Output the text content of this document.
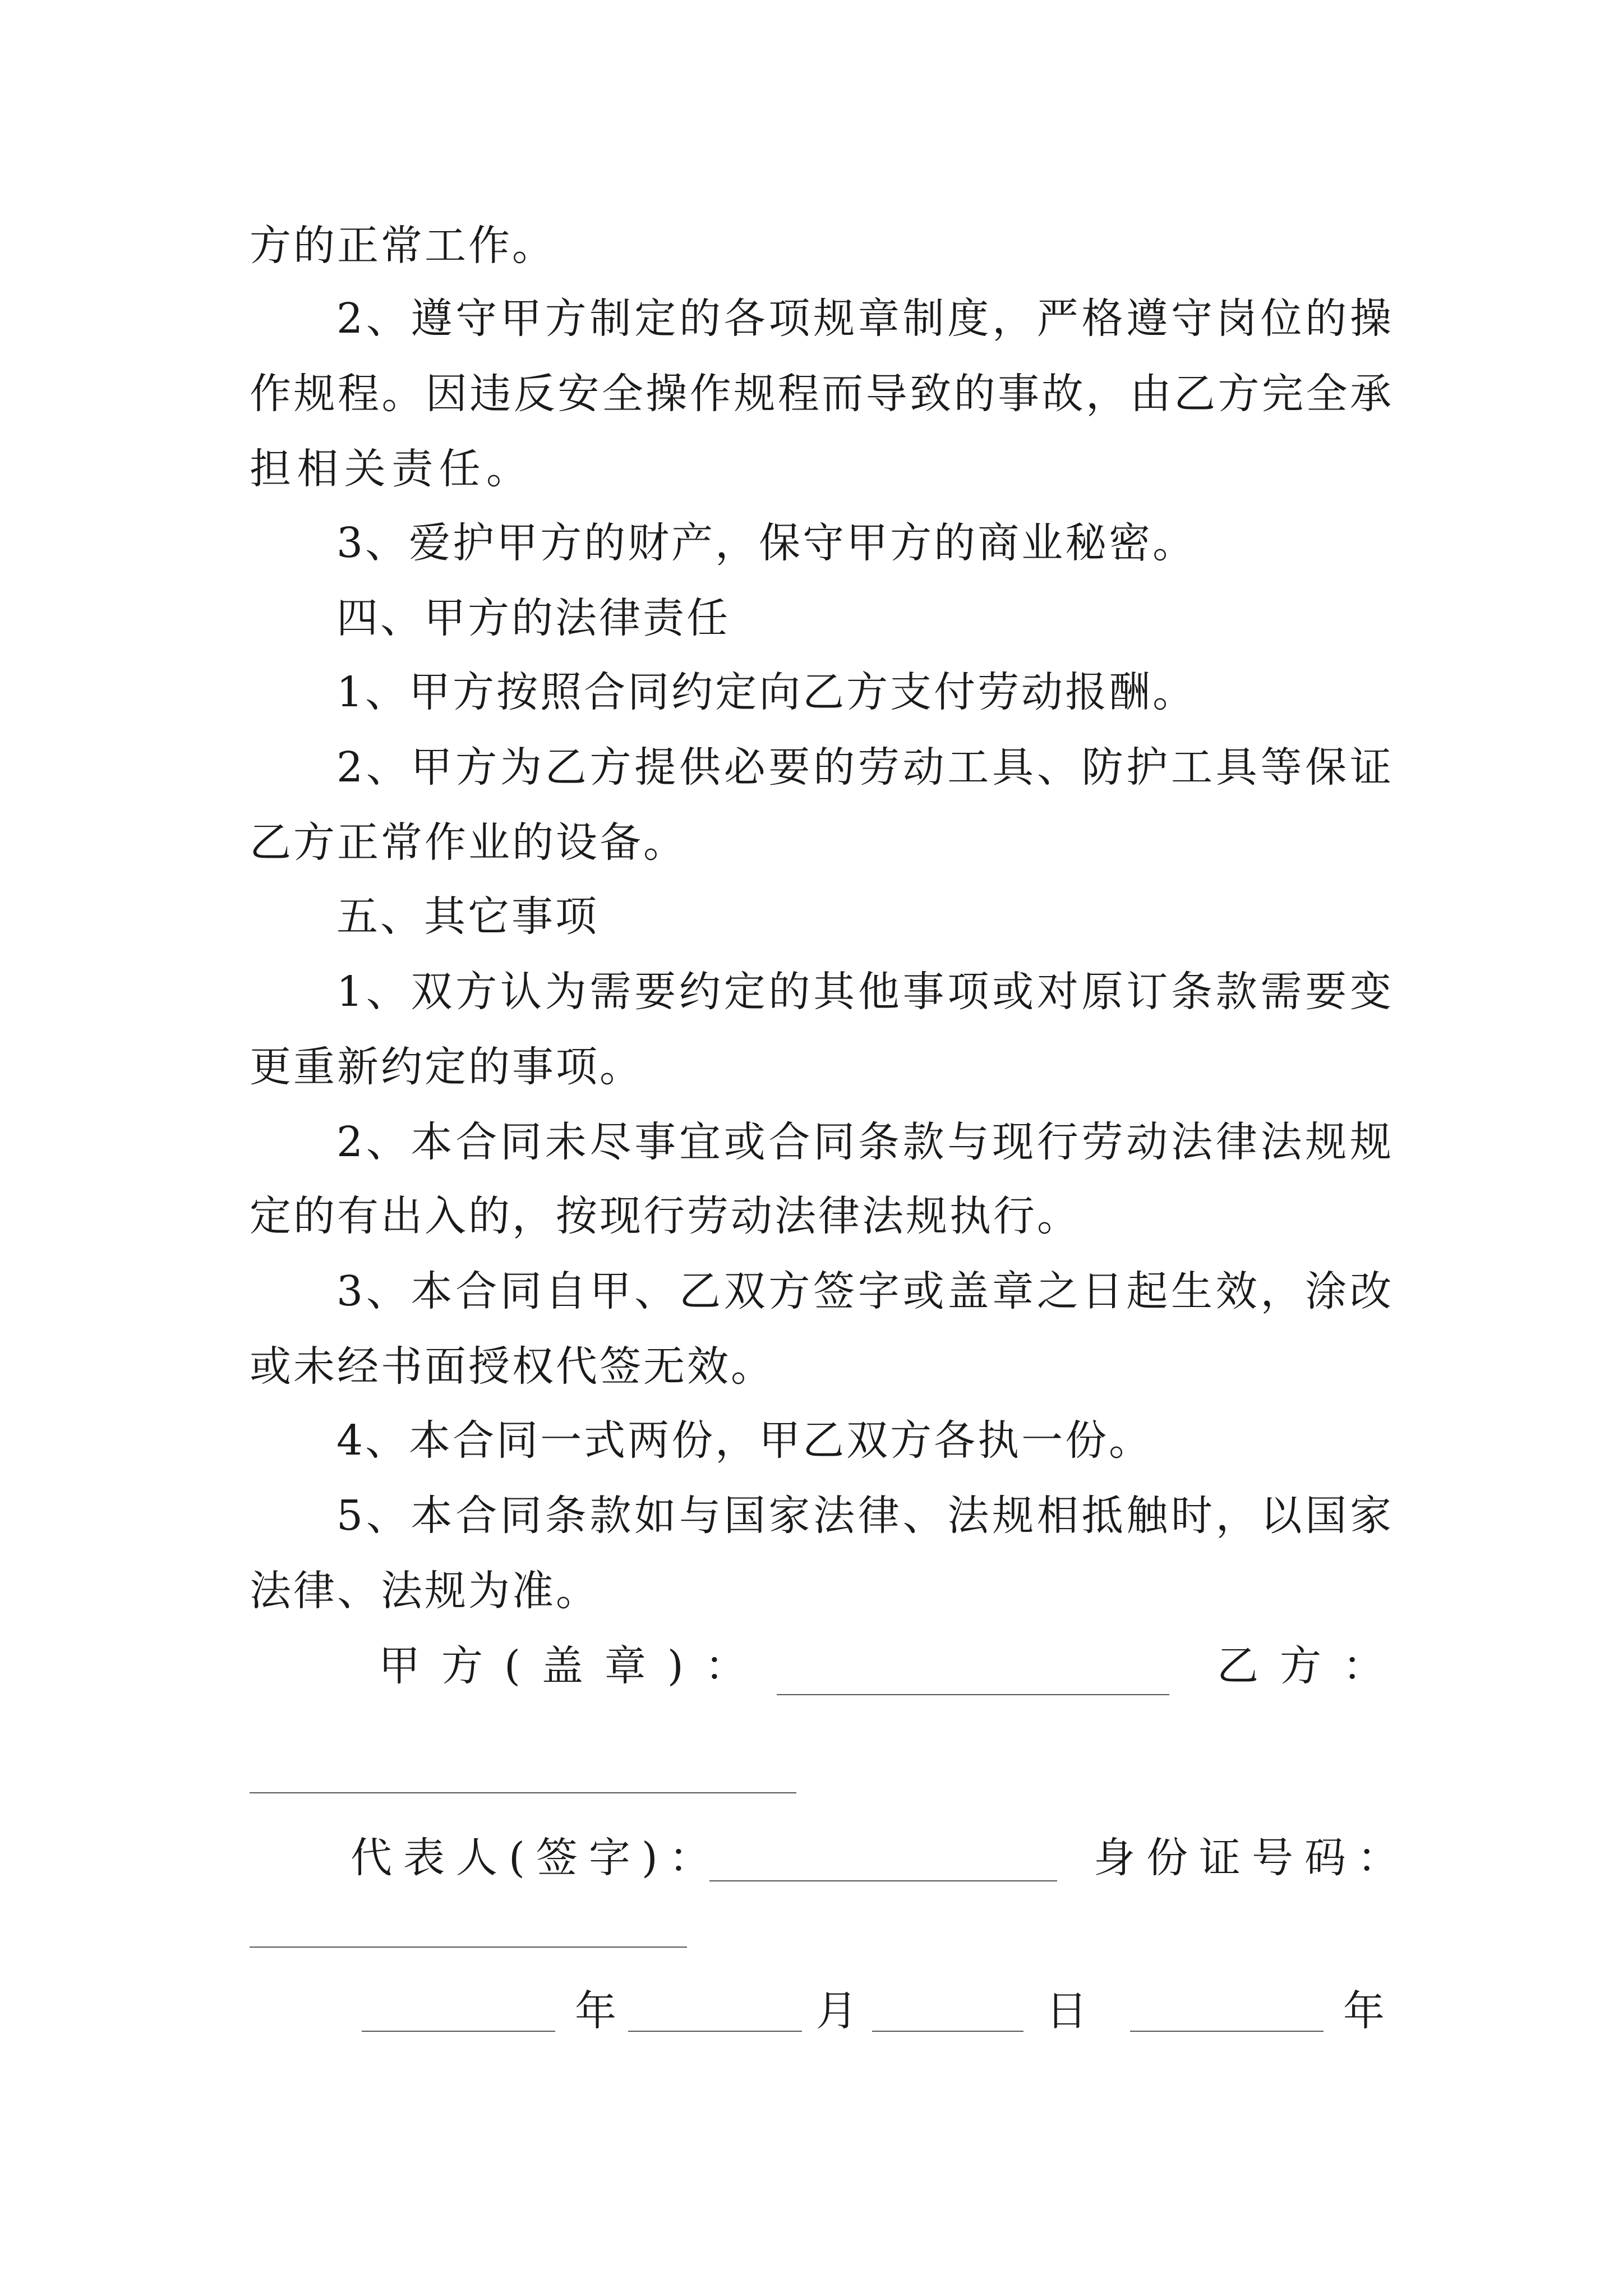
方的正常工作。
2、遵守甲方制定的各项规章制度，严格遵守岗位的操
作规程。因违反安全操作规程而导致的事故，由乙方完全承
担相关责任。
3、爱护甲方的财产，保守甲方的商业秘密。
四、甲方的法律责任
1、甲方按照合同约定向乙方支付劳动报酬。
2、甲方为乙方提供必要的劳动工具、防护工具等保证
乙方正常作业的设备。
五、其它事项
1、双方认为需要约定的其他事项或对原订条款需要变
更重新约定的事项。
2、本合同未尽事宜或合同条款与现行劳动法律法规规
定的有出入的，按现行劳动法律法规执行。
3、本合同自甲、乙双方签字或盖章之日起生效，涂改
或未经书面授权代签无效。
4、本合同一式两份，甲乙双方各执一份。
5、本合同条款如与国家法律、法规相抵触时，以国家
法律、法规为准。
甲方(盖章)：	乙方：
代表人(签字)：	身份证号码：
年	月	日	年
